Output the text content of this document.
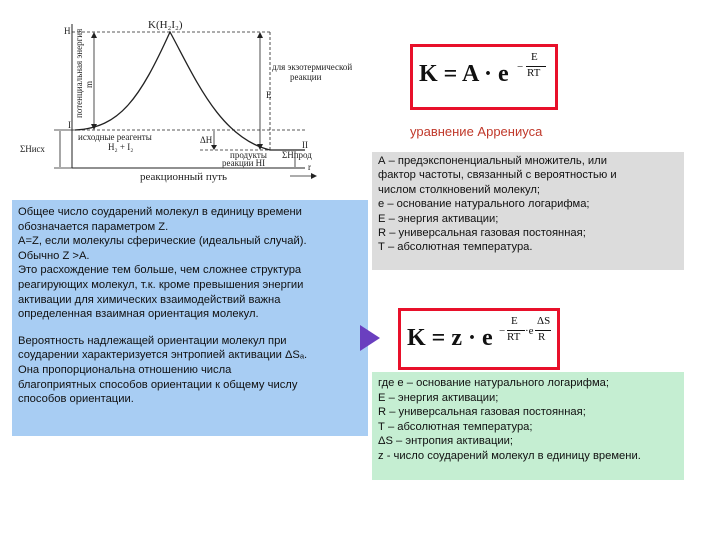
H	K(H₂I₂)
потенциальная энергия m
E
для экзотермической
реакции
I
II
исходные реагенты
H₂ + I₂
ΔH
продукты
реакции HI
ΣHисх
ΣHпрод
r
реакционный путь
K = A · e −
E
RT
уравнение Аррениуса
А – предэкспоненциальный множитель, или
фактор частоты, связанный с вероятностью и
числом столкновений молекул;
е – основание натурального логарифма;
Е – энергия активации;
R – универсальная газовая постоянная;
Т – абсолютная температура.
Общее число соударений молекул в единицу времени
обозначается параметром Z.
А=Z, если молекулы сферические (идеальный случай).
Обычно Z >A.
Это расхождение тем больше, чем сложнее структура
реагирующих молекул, т.к. кроме превышения энергии
активации для химических взаимодействий важна
определенная взаимная ориентация молекул.
Вероятность надлежащей ориентации молекул при
соударении характеризуется энтропией активации ΔSₐ.
Она пропорциональна отношению числа
благоприятных способов ориентации к общему числу
способов ориентации.
K = z · e −
E
RT ·e
ΔS
R
где е – основание натурального логарифма;
Е – энергия активации;
R – универсальная газовая постоянная;
Т – абсолютная температура;
ΔS – энтропия активации;
z - число соударений молекул в единицу времени.
